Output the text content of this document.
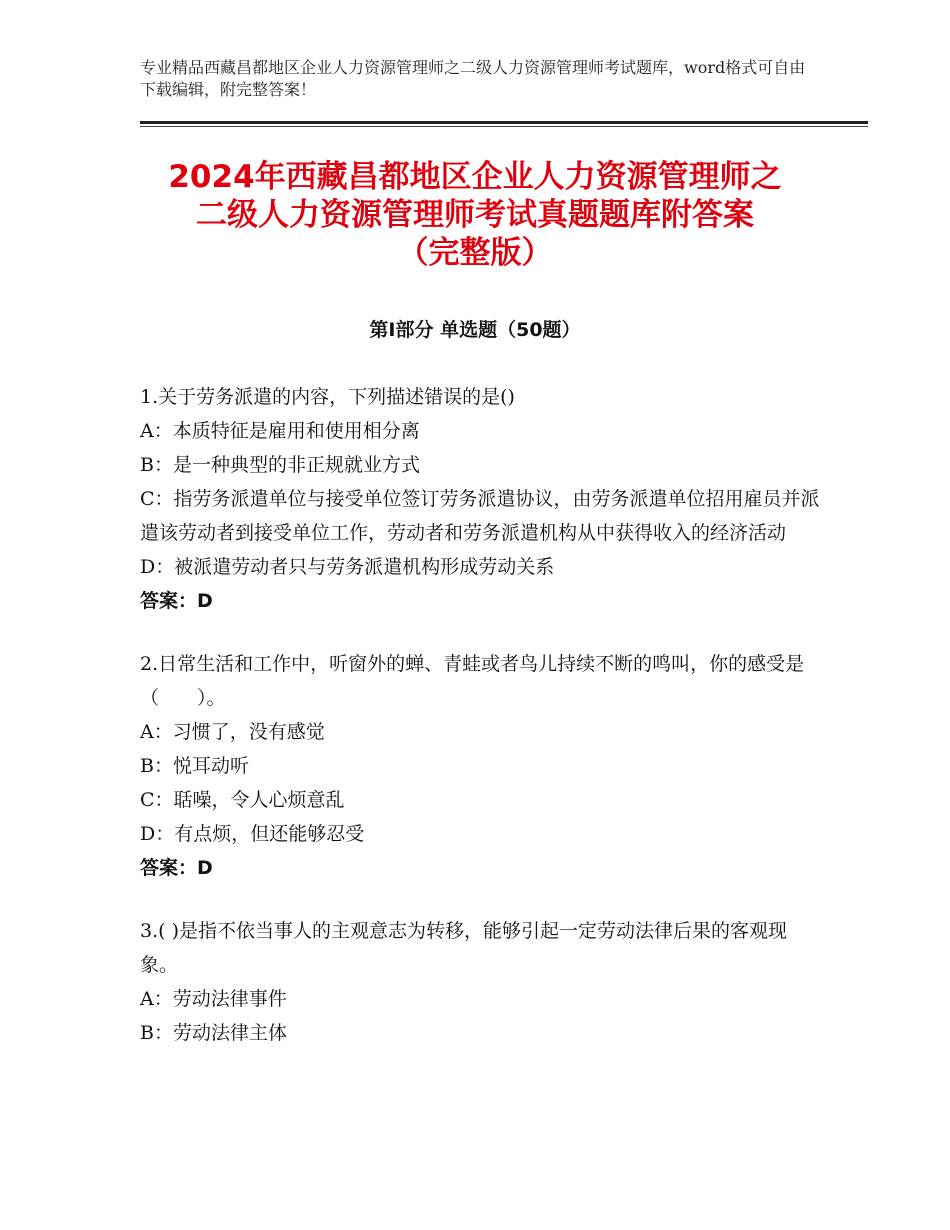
专业精品西藏昌都地区企业人力资源管理师之二级人力资源管理师考试题库，word格式可自由下载编辑，附完整答案！
2024年西藏昌都地区企业人力资源管理师之
二级人力资源管理师考试真题题库附答案
（完整版）
第Ⅰ部分 单选题（50题）

1.关于劳务派遣的内容，下列描述错误的是()

A：本质特征是雇用和使用相分离

B：是一种典型的非正规就业方式

C：指劳务派遣单位与接受单位签订劳务派遣协议，由劳务派遣单位招用雇员并派遣该劳动者到接受单位工作，劳动者和劳务派遣机构从中获得收入的经济活动

D：被派遣劳动者只与劳务派遣机构形成劳动关系

答案：D

2.日常生活和工作中，听窗外的蝉、青蛙或者鸟儿持续不断的鸣叫，你的感受是（　　）。

A：习惯了，没有感觉

B：悦耳动听

C：聒噪，令人心烦意乱

D：有点烦，但还能够忍受

答案：D

3.( )是指不依当事人的主观意志为转移，能够引起一定劳动法律后果的客观现象。

A：劳动法律事件

B：劳动法律主体
